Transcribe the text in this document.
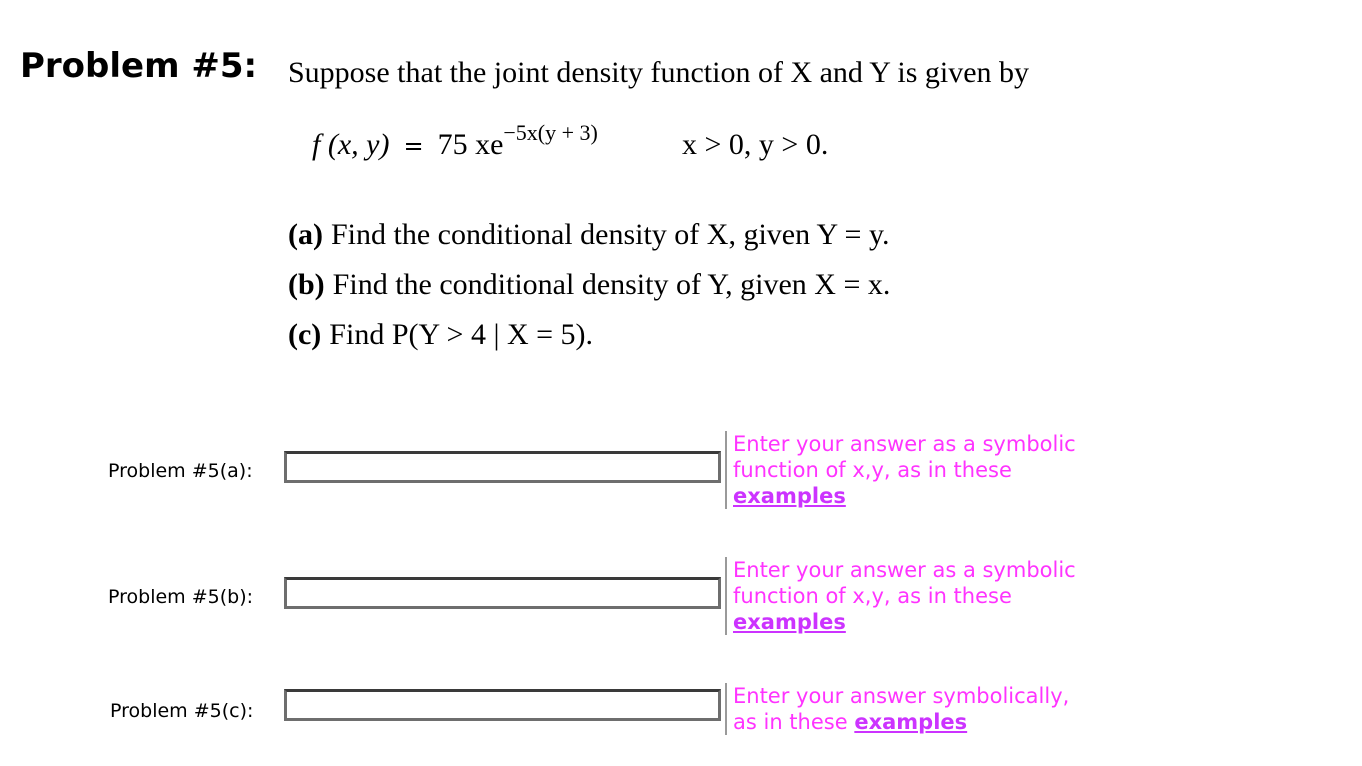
Problem #5: Suppose that the joint density function of X and Y is given by
f (x, y) = 75 $xe^{-5x(y + 3)}$	x > 0, y > 0.
(a) Find the conditional density of X, given Y = y.
(b) Find the conditional density of Y, given X = x.
(c) Find P(Y > 4 | X = 5).
Problem #5(a):
Enter your answer as a symbolic function of x,y, as in these
examples
Problem #5(b):
Enter your answer as a symbolic function of x,y, as in these
examples
Problem #5(c):
Enter your answer symbolically, as in these examples
